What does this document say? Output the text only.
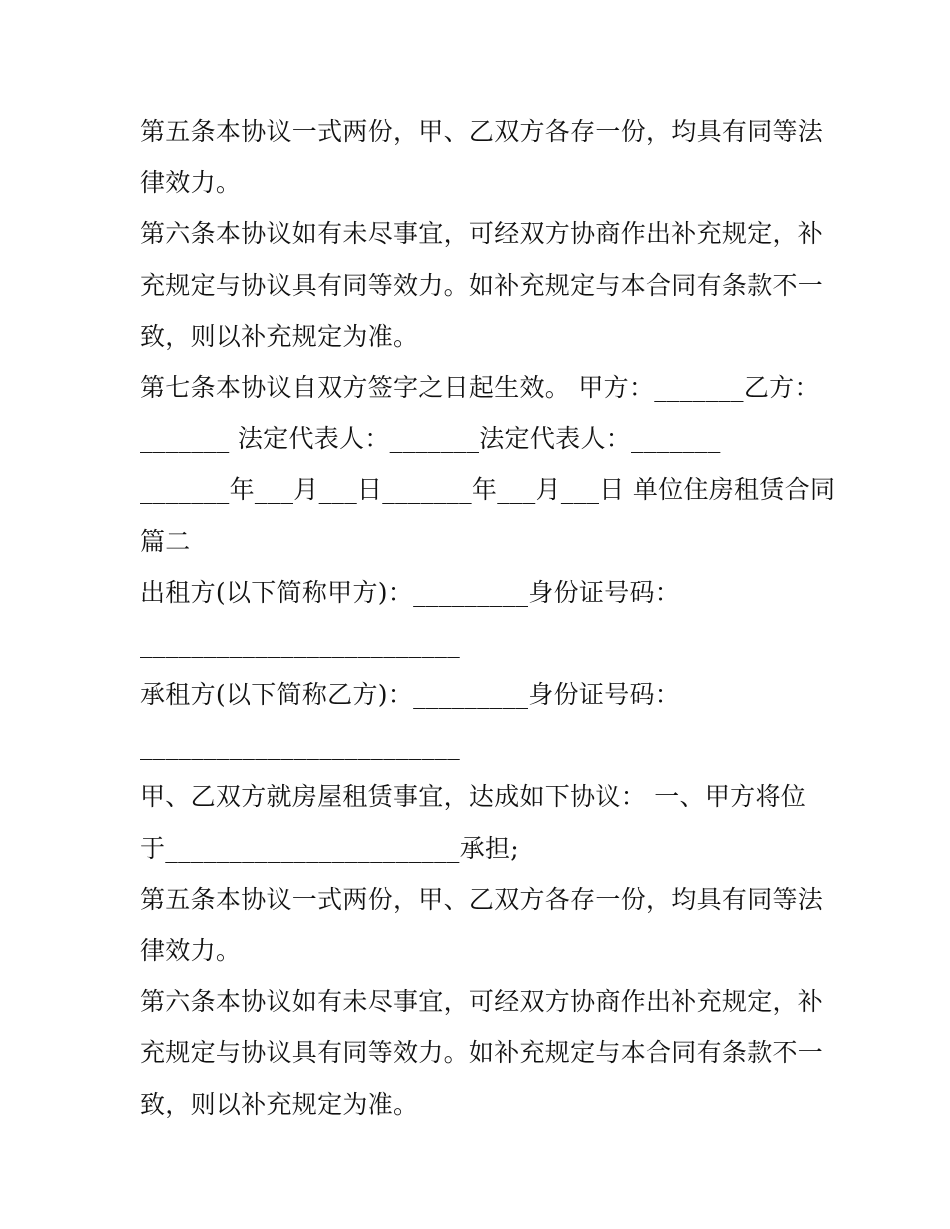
第五条本协议一式两份，甲、乙双方各存一份，均具有同等法
律效力。
第六条本协议如有未尽事宜，可经双方协商作出补充规定，补
充规定与协议具有同等效力。如补充规定与本合同有条款不一
致，则以补充规定为准。
第七条本协议自双方签字之日起生效。 甲方：_______乙方：
_______ 法定代表人：_______法定代表人：_______
_______年___月___日_______年___月___日 单位住房租赁合同
篇二
出租方(以下简称甲方)：_________身份证号码：
_________________________
承租方(以下简称乙方)：_________身份证号码：
_________________________
甲、乙双方就房屋租赁事宜，达成如下协议： 一、甲方将位
于_______________________承担;
第五条本协议一式两份，甲、乙双方各存一份，均具有同等法
律效力。
第六条本协议如有未尽事宜，可经双方协商作出补充规定，补
充规定与协议具有同等效力。如补充规定与本合同有条款不一
致，则以补充规定为准。
